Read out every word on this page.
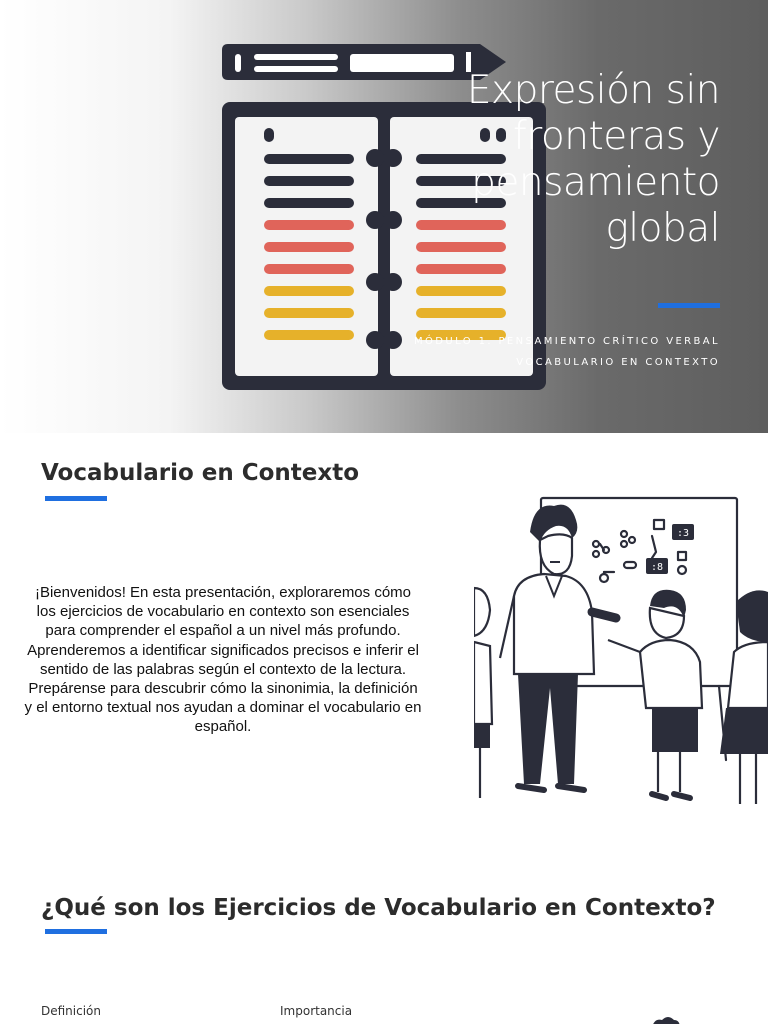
Expresión sin fronteras y pensamiento global
MÓDULO 1. PENSAMIENTO CRÍTICO VERBAL
VOCABULARIO EN CONTEXTO
Vocabulario en Contexto

¡Bienvenidos! En esta presentación, exploraremos cómo los ejercicios de vocabulario en contexto son esenciales para comprender el español a un nivel más profundo. Aprenderemos a identificar significados precisos e inferir el sentido de las palabras según el contexto de la lectura. Prepárense para descubrir cómo la sinonimia, la definición y el entorno textual nos ayudan a dominar el vocabulario en español.

:3
:8
¿Qué son los Ejercicios de Vocabulario en Contexto?
Definición	Importancia
